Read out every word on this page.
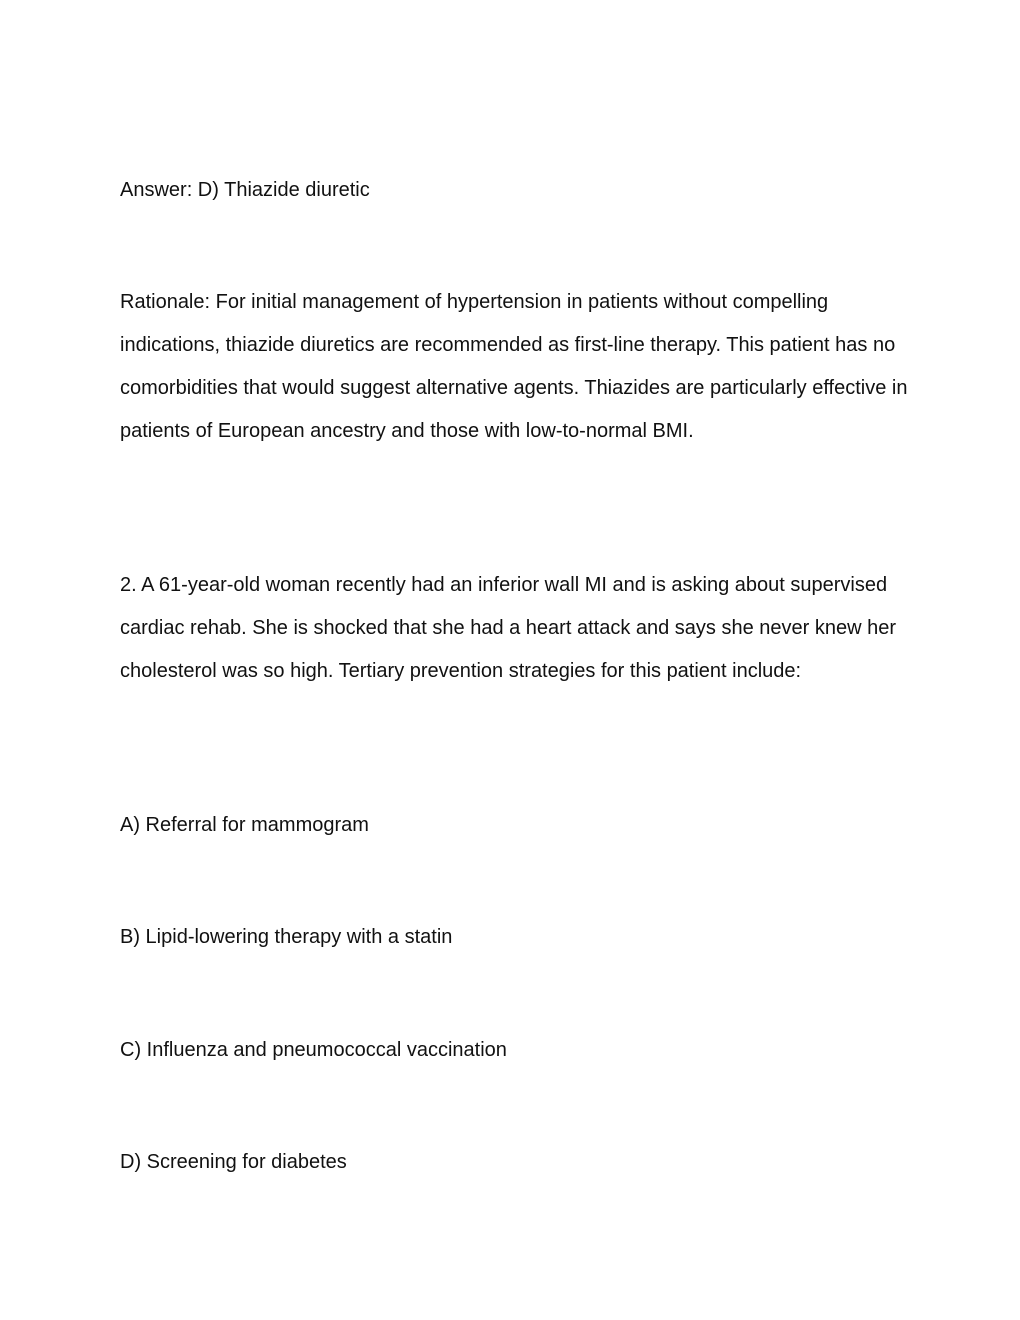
Answer: D) Thiazide diuretic

Rationale: For initial management of hypertension in patients without compelling indications, thiazide diuretics are recommended as first-line therapy. This patient has no comorbidities that would suggest alternative agents. Thiazides are particularly effective in patients of European ancestry and those with low-to-normal BMI.

2. A 61-year-old woman recently had an inferior wall MI and is asking about supervised cardiac rehab. She is shocked that she had a heart attack and says she never knew her cholesterol was so high. Tertiary prevention strategies for this patient include:

A) Referral for mammogram

B) Lipid-lowering therapy with a statin

C) Influenza and pneumococcal vaccination

D) Screening for diabetes
